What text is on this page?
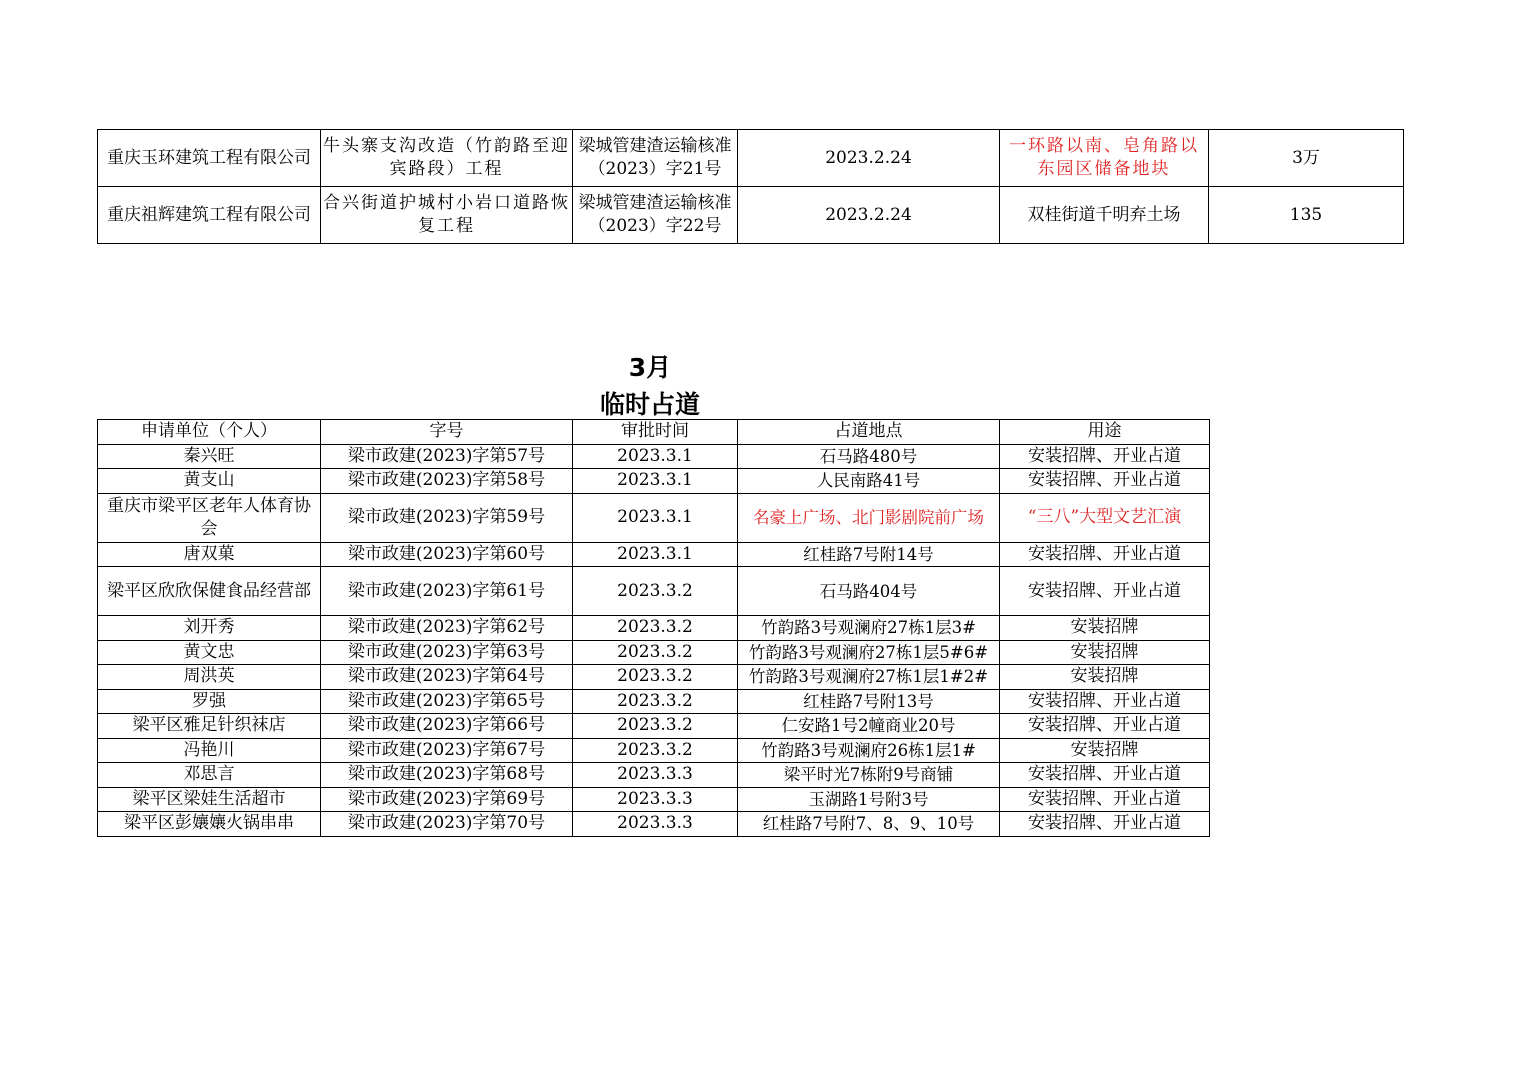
重庆玉环建筑工程有限公司	牛头寨支沟改造（竹韵路至迎宾路段）工程	梁城管建渣运输核准（2023）字21号	2023.2.24	一环路以南、皂角路以东园区储备地块	3万
重庆祖辉建筑工程有限公司	合兴街道护城村小岩口道路恢复工程	梁城管建渣运输核准（2023）字22号	2023.2.24	双桂街道千明弃土场	135
3月
临时占道
申请单位（个人）	字号	审批时间	占道地点	用途
秦兴旺	梁市政建(2023)字第57号	2023.3.1	石马路480号	安装招牌、开业占道
黄支山	梁市政建(2023)字第58号	2023.3.1	人民南路41号	安装招牌、开业占道
重庆市梁平区老年人体育协会	梁市政建(2023)字第59号	2023.3.1	名豪上广场、北门影剧院前广场	“三八”大型文艺汇演
唐双菓	梁市政建(2023)字第60号	2023.3.1	红桂路7号附14号	安装招牌、开业占道
梁平区欣欣保健食品经营部	梁市政建(2023)字第61号	2023.3.2	石马路404号	安装招牌、开业占道
刘开秀	梁市政建(2023)字第62号	2023.3.2	竹韵路3号观澜府27栋1层3#	安装招牌
黄文忠	梁市政建(2023)字第63号	2023.3.2	竹韵路3号观澜府27栋1层5#6#	安装招牌
周洪英	梁市政建(2023)字第64号	2023.3.2	竹韵路3号观澜府27栋1层1#2#	安装招牌
罗强	梁市政建(2023)字第65号	2023.3.2	红桂路7号附13号	安装招牌、开业占道
梁平区雅足针织袜店	梁市政建(2023)字第66号	2023.3.2	仁安路1号2幢商业20号	安装招牌、开业占道
冯艳川	梁市政建(2023)字第67号	2023.3.2	竹韵路3号观澜府26栋1层1#	安装招牌
邓思言	梁市政建(2023)字第68号	2023.3.3	梁平时光7栋附9号商铺	安装招牌、开业占道
梁平区梁娃生活超市	梁市政建(2023)字第69号	2023.3.3	玉湖路1号附3号	安装招牌、开业占道
梁平区彭孃孃火锅串串	梁市政建(2023)字第70号	2023.3.3	红桂路7号附7、8、9、10号	安装招牌、开业占道
